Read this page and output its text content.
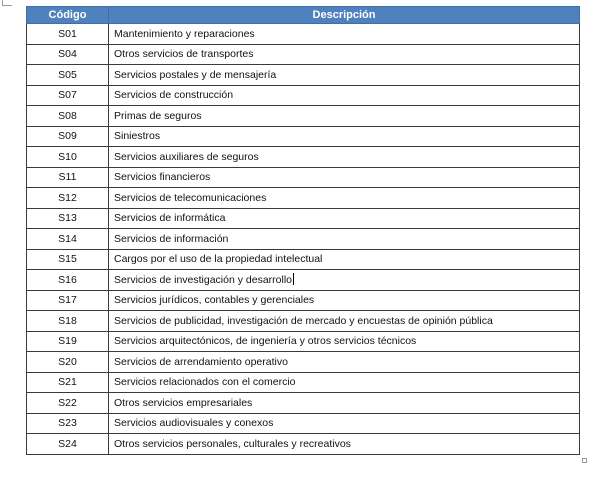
Código	Descripción
S01	Mantenimiento y reparaciones
S04	Otros servicios de transportes
S05	Servicios postales y de mensajería
S07	Servicios de construcción
S08	Primas de seguros
S09	Siniestros
S10	Servicios auxiliares de seguros
S11	Servicios financieros
S12	Servicios de telecomunicaciones
S13	Servicios de informática
S14	Servicios de información
S15	Cargos por el uso de la propiedad intelectual
S16	Servicios de investigación y desarrollo
S17	Servicios jurídicos, contables y gerenciales
S18	Servicios de publicidad, investigación de mercado y encuestas de opinión pública
S19	Servicios arquitectónicos, de ingeniería y otros servicios técnicos
S20	Servicios de arrendamiento operativo
S21	Servicios relacionados con el comercio
S22	Otros servicios empresariales
S23	Servicios audiovisuales y conexos
S24	Otros servicios personales, culturales y recreativos
